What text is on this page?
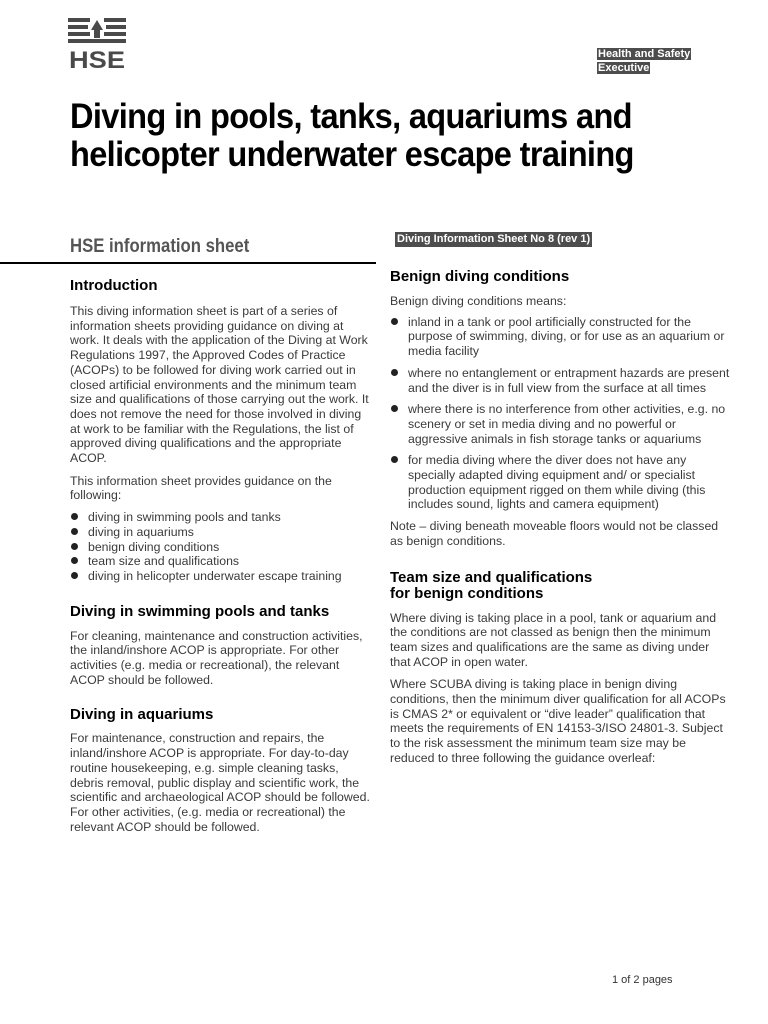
HSE	Health and Safety
Executive
Diving in pools, tanks, aquariums and
helicopter underwater escape training
HSE information sheet	Diving Information Sheet No 8 (rev 1)
Introduction

This diving information sheet is part of a series of information sheets providing guidance on diving at work. It deals with the application of the Diving at Work Regulations 1997, the Approved Codes of Practice (ACOPs) to be followed for diving work carried out in closed artificial environments and the minimum team size and qualifications of those carrying out the work. It does not remove the need for those involved in diving at work to be familiar with the Regulations, the list of approved diving qualifications and the appropriate ACOP.

This information sheet provides guidance on the following:

diving in swimming pools and tanks
diving in aquariums
benign diving conditions
team size and qualifications
diving in helicopter underwater escape training
Diving in swimming pools and tanks

For cleaning, maintenance and construction activities, the inland/inshore ACOP is appropriate. For other activities (e.g. media or recreational), the relevant ACOP should be followed.

Diving in aquariums

For maintenance, construction and repairs, the inland/inshore ACOP is appropriate. For day-to-day routine housekeeping, e.g. simple cleaning tasks, debris removal, public display and scientific work, the scientific and archaeological ACOP should be followed. For other activities, (e.g. media or recreational) the relevant ACOP should be followed.

Benign diving conditions

Benign diving conditions means:

inland in a tank or pool artificially constructed for the purpose of swimming, diving, or for use as an aquarium or media facility
where no entanglement or entrapment hazards are present and the diver is in full view from the surface at all times
where there is no interference from other activities, e.g. no scenery or set in media diving and no powerful or aggressive animals in fish storage tanks or aquariums
for media diving where the diver does not have any specially adapted diving equipment and/ or specialist production equipment rigged on them while diving (this includes sound, lights and camera equipment)

Note – diving beneath moveable floors would not be classed as benign conditions.

Team size and qualifications
for benign conditions

Where diving is taking place in a pool, tank or aquarium and the conditions are not classed as benign then the minimum team sizes and qualifications are the same as diving under that ACOP in open water.

Where SCUBA diving is taking place in benign diving conditions, then the minimum diver qualification for all ACOPs is CMAS 2* or equivalent or “dive leader” qualification that meets the requirements of EN 14153-3/ISO 24801-3. Subject to the risk assessment the minimum team size may be reduced to three following the guidance overleaf:

1 of 2 pages
